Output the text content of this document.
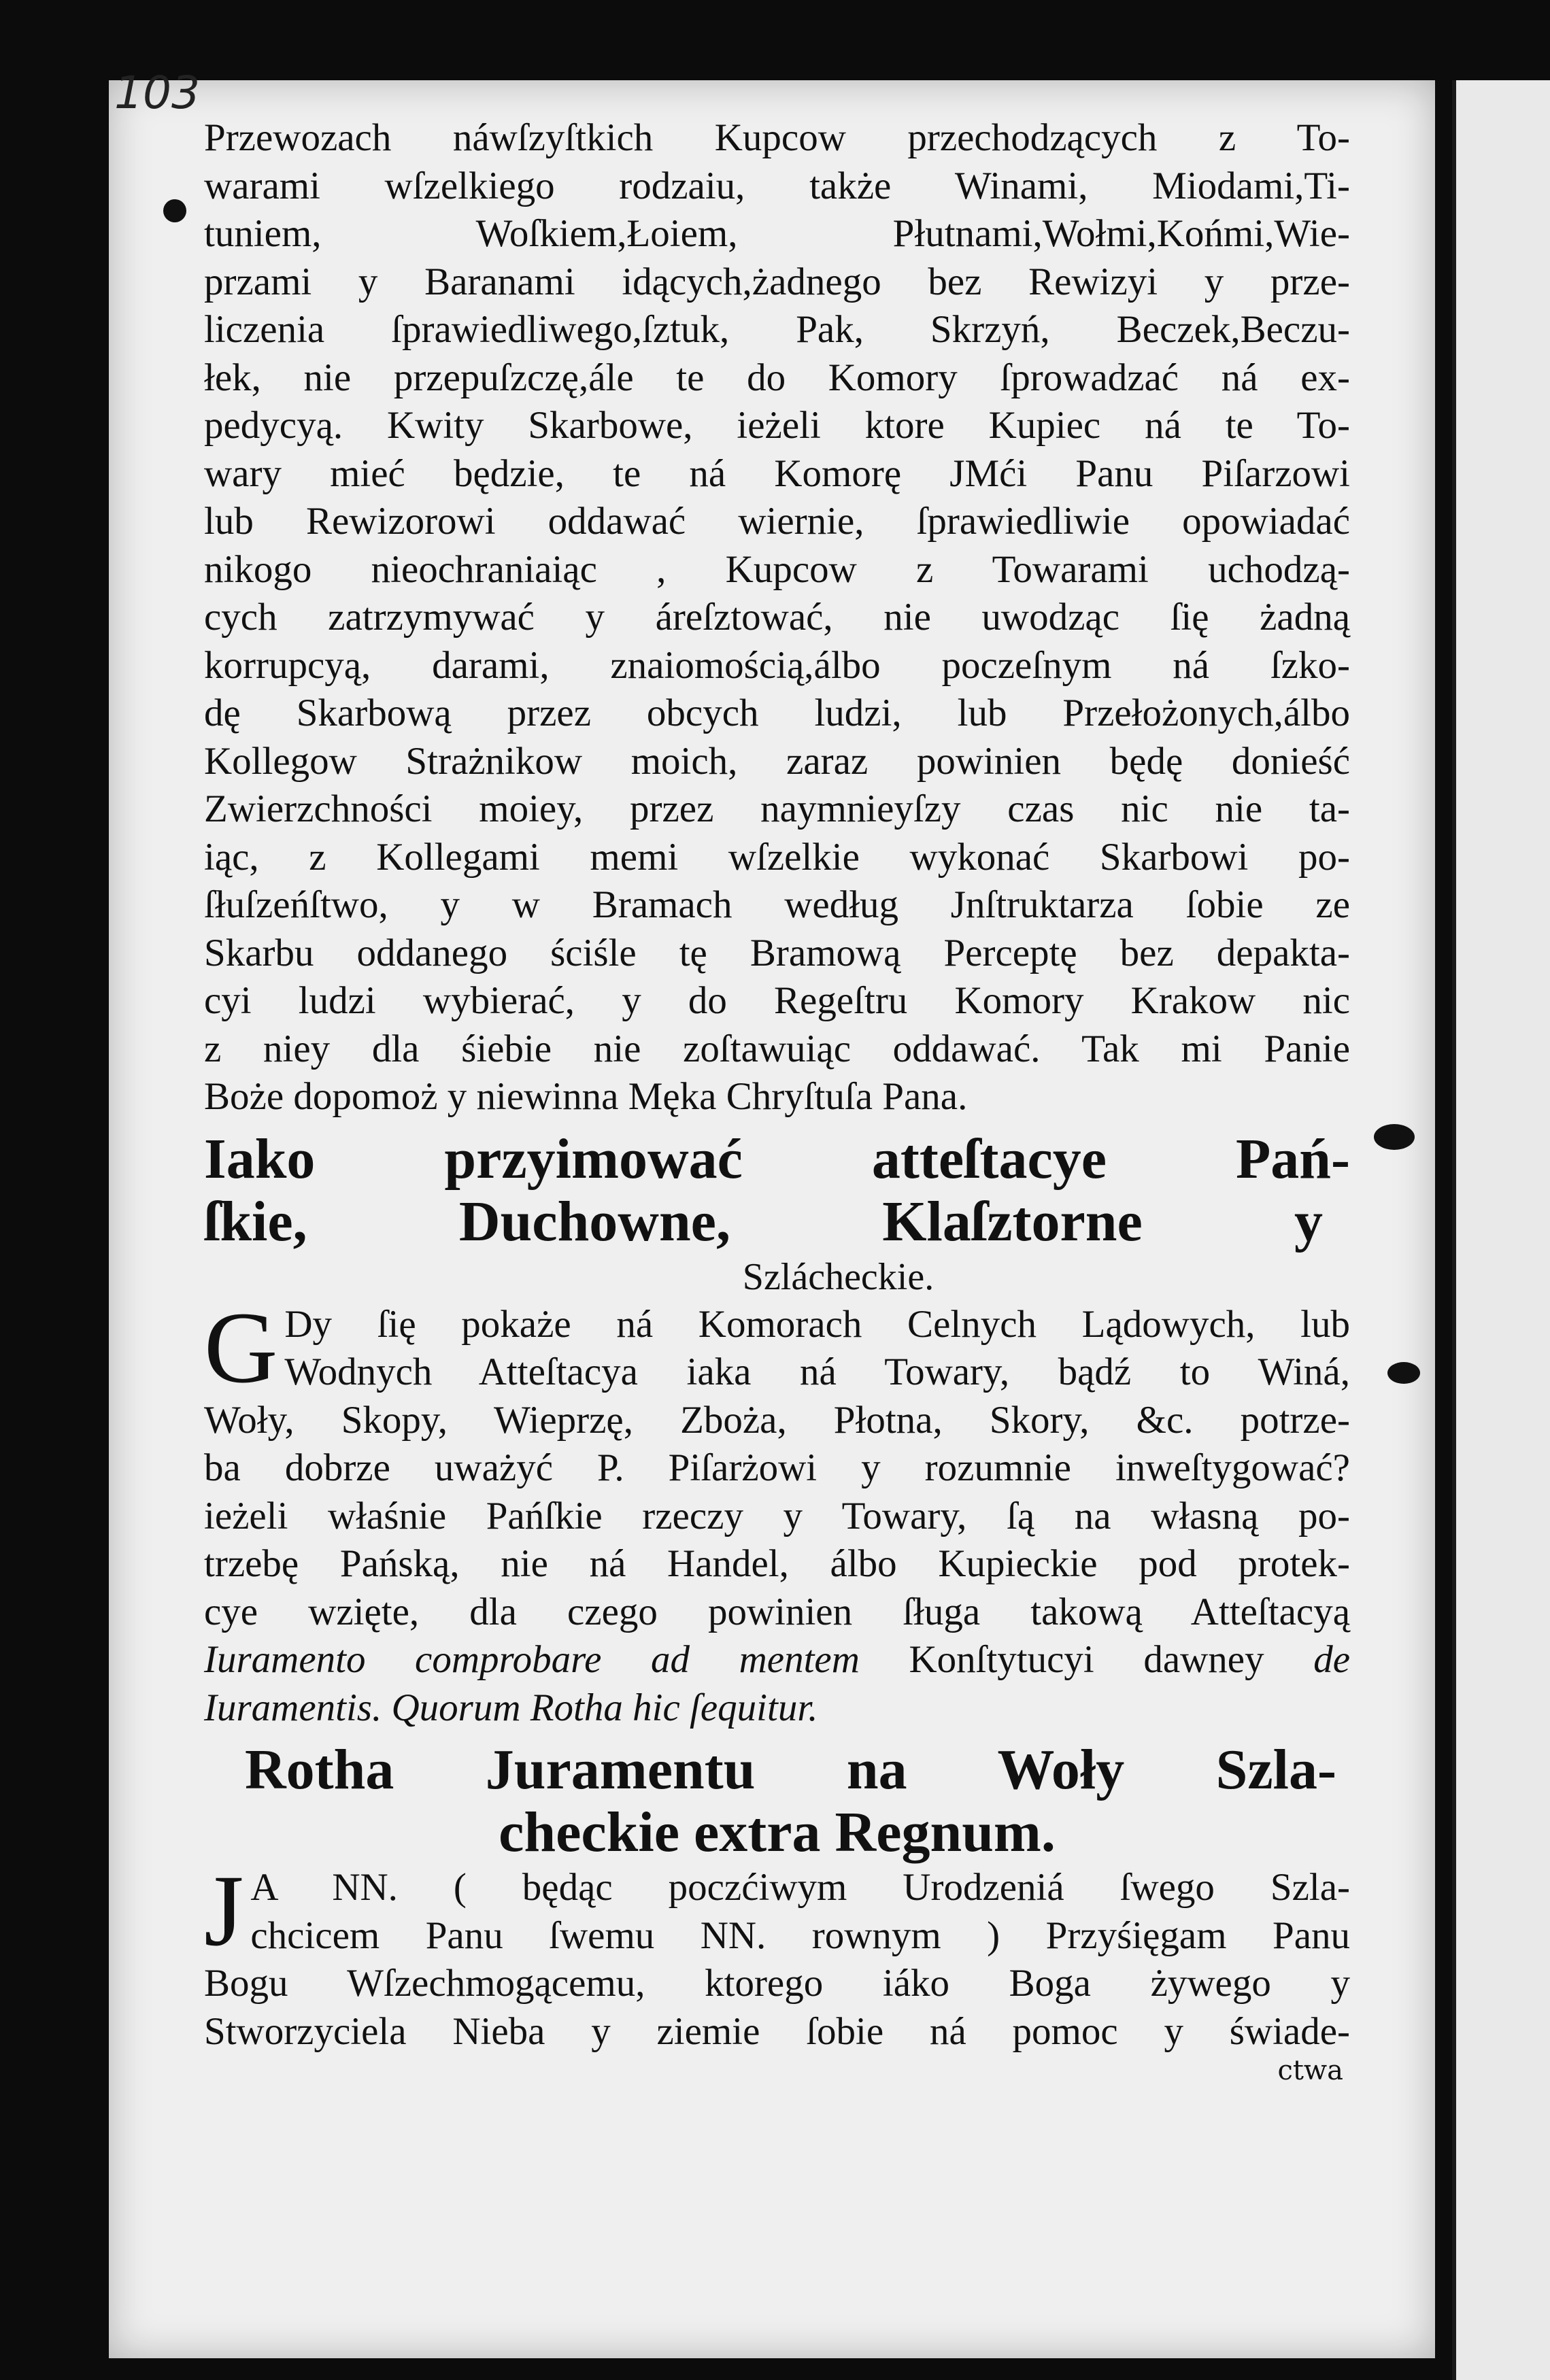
103
Przewozach náwſzyſtkich Kupcow przechodzących z To-
warami wſzelkiego rodzaiu, także Winami, Miodami,Ti-
tuniem, Woſkiem,Łoiem, Płutnami,Wołmi,Końmi,Wie-
przami y Baranami idących,żadnego bez Rewizyi y prze-
liczenia ſprawiedliwego,ſztuk, Pak, Skrzyń, Beczek,Beczu-
łek, nie przepuſzczę,ále te do Komory ſprowadzać ná ex-
pedycyą. Kwity Skarbowe, ieżeli ktore Kupiec ná te To-
wary mieć będzie, te ná Komorę JMći Panu Piſarzowi
lub Rewizorowi oddawać wiernie, ſprawiedliwie opowiadać
nikogo nieochraniaiąc , Kupcow z Towarami uchodzą-
cych zatrzymywać y áreſztować, nie uwodząc ſię żadną
korrupcyą, darami, znaiomością,álbo poczeſnym ná ſzko-
dę Skarbową przez obcych ludzi, lub Przełożonych,álbo
Kollegow Strażnikow moich, zaraz powinien będę donieść
Zwierzchności moiey, przez naymnieyſzy czas nic nie ta-
iąc, z Kollegami memi wſzelkie wykonać Skarbowi po-
ſłuſzeńſtwo, y w Bramach według Jnſtruktarza ſobie ze
Skarbu oddanego ściśle tę Bramową Perceptę bez depakta-
cyi ludzi wybierać, y do Regeſtru Komory Krakow nic
z niey dla śiebie nie zoſtawuiąc oddawać. Tak mi Panie
Boże dopomoż y niewinna Męka Chryſtuſa Pana.
Iako przyimować atteſtacye Pań-
ſkie, Duchowne, Klaſztorne y
Szlácheckie.
G Dy ſię pokaże ná Komorach Celnych Lądowych, lub
Wodnych Atteſtacya iaka ná Towary, bądź to Winá,
Woły, Skopy, Wieprzę, Zboża, Płotna, Skory, &c. potrze-
ba dobrze uważyć P. Piſarżowi y rozumnie inweſtygować?
ieżeli właśnie Pańſkie rzeczy y Towary, ſą na własną po-
trzebę Pańską, nie ná Handel, álbo Kupieckie pod protek-
cye wzięte, dla czego powinien ſługa takową Atteſtacyą
Iuramento comprobare ad mentem Konſtytucyi dawney de
Iuramentis. Quorum Rotha hic ſequitur.
Rotha Juramentu na Woły Szla-
checkie extra Regnum.
J A NN. ( będąc poczćiwym Urodzeniá ſwego Szla-
chcicem Panu ſwemu NN. rownym ) Przyśięgam Panu
Bogu Wſzechmogącemu, ktorego iáko Boga żywego y
Stworzyciela Nieba y ziemie ſobie ná pomoc y świade-
ctwa
